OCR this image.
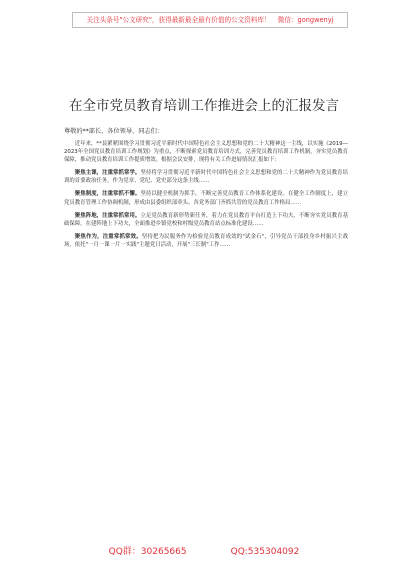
关注头条号"公文研究"，获得最新最全最有价值的公文资料库！ 微信：gongwenyj
在全市党员教育培训工作推进会上的汇报发言
尊敬的**部长、各位领导、同志们：

近年来，**县紧紧围绕学习贯彻习近平新时代中国特色社会主义思想和党的二十大精神这一主线，以实施《2019—2023年全国党员教育培训工作规划》为重点，不断探索党员教育培训方式，完善党员教育培训工作机制，夯实党员教育保障，推动党员教育培训工作提质增效。根据会议安排，现将有关工作进展情况汇报如下：

聚焦主课，注重常抓常学。坚持将学习贯彻习近平新时代中国特色社会主义思想和党的二十大精神作为党员教育培训的首要政治任务，作为党章、党纪、党史部分这条主线……

聚焦制度，注重常抓不懈。坚持以健全机制为抓手，不断完善党员教育工作体系化建设。在健全工作制度上，建立党员教育管理工作协调机制，形成由县委组织部牵头、各党务部门齐抓共管的党员教育工作格局……

聚焦阵地，注重常抓常用。立足党员教育新形势新任务，着力在党员教育平台打造上下功夫，不断夯实党员教育基础保障。在建阵地上下功夫，全面推进乡镇党校和村级党员教育站点标准化建设……

聚焦作为，注重常抓常效。坚持把为民服务作为检验党员教育成效的"试金石"，引导党员干部投身乡村振兴主战场，依托"一月一课一片一实践"主题党日活动，开展"三长制"工作……

QQ群：30265665	QQ:535304092
